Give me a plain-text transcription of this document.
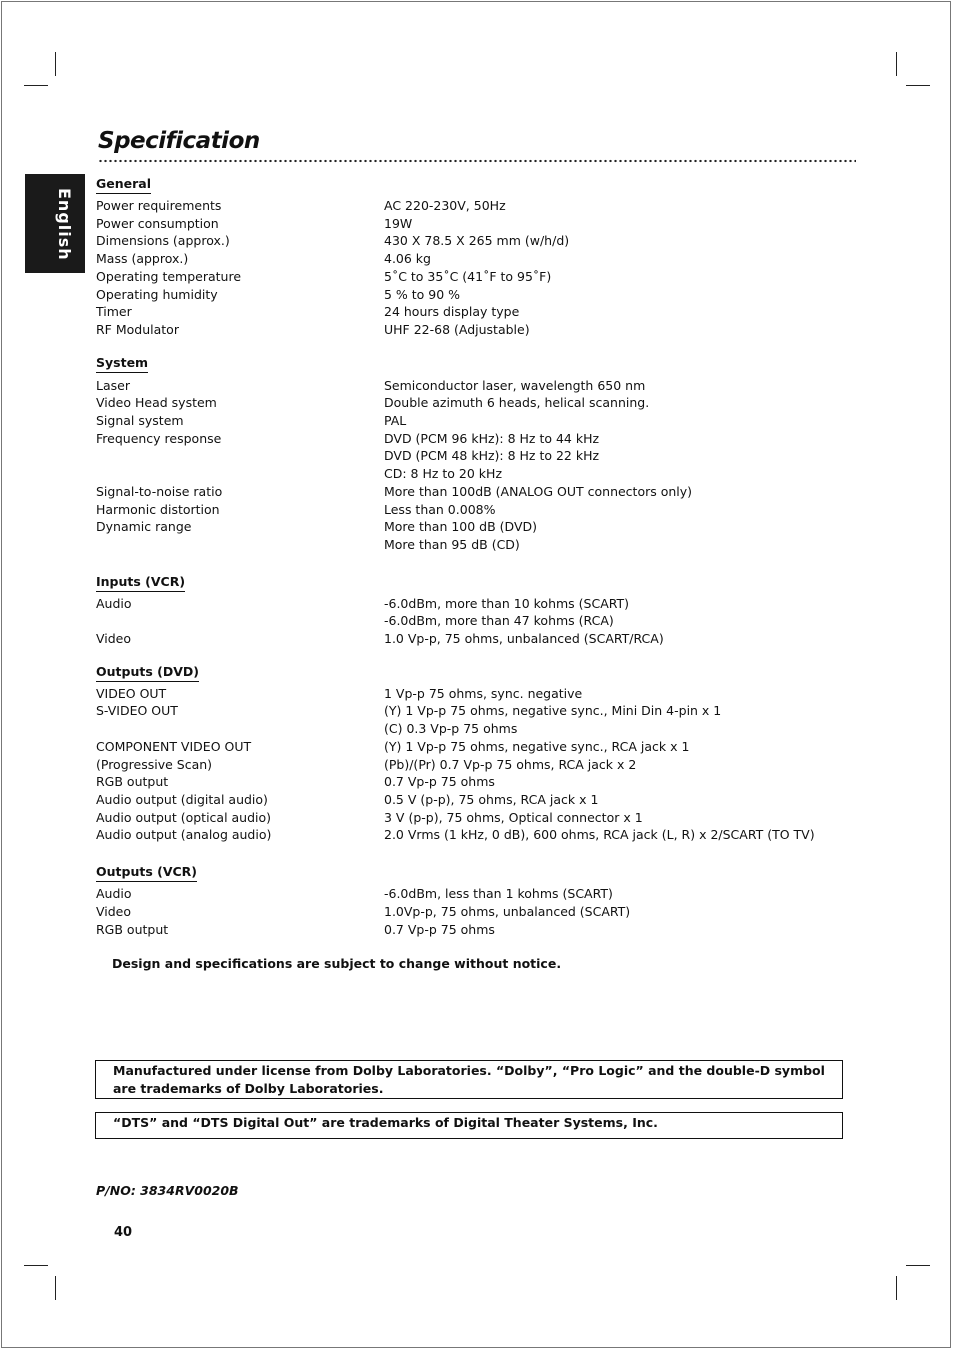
Specification
English
General
Power requirements	AC 220-230V, 50Hz
Power consumption	19W
Dimensions (approx.)	430 X 78.5 X 265 mm (w/h/d)
Mass (approx.)	4.06 kg
Operating temperature	5˚C to 35˚C (41˚F to 95˚F)
Operating humidity	5 % to 90 %
Timer	24 hours display type
RF Modulator	UHF 22-68 (Adjustable)
System
Laser	Semiconductor laser, wavelength 650 nm
Video Head system	Double azimuth 6 heads, helical scanning.
Signal system	PAL
Frequency response	DVD (PCM 96 kHz): 8 Hz to 44 kHz
DVD (PCM 48 kHz): 8 Hz to 22 kHz
CD: 8 Hz to 20 kHz
Signal-to-noise ratio	More than 100dB (ANALOG OUT connectors only)
Harmonic distortion	Less than 0.008%
Dynamic range	More than 100 dB (DVD)
More than 95 dB (CD)
Inputs (VCR)
Audio	-6.0dBm, more than 10 kohms (SCART)
-6.0dBm, more than 47 kohms (RCA)
Video	1.0 Vp-p, 75 ohms, unbalanced (SCART/RCA)
Outputs (DVD)
VIDEO OUT	1 Vp-p 75 ohms, sync. negative
S-VIDEO OUT	(Y) 1 Vp-p 75 ohms, negative sync., Mini Din 4-pin x 1
(C) 0.3 Vp-p 75 ohms
COMPONENT VIDEO OUT	(Y) 1 Vp-p 75 ohms, negative sync., RCA jack x 1
(Progressive Scan)	(Pb)/(Pr) 0.7 Vp-p 75 ohms, RCA jack x 2
RGB output	0.7 Vp-p 75 ohms
Audio output (digital audio)	0.5 V (p-p), 75 ohms, RCA jack x 1
Audio output (optical audio)	3 V (p-p), 75 ohms, Optical connector x 1
Audio output (analog audio)	2.0 Vrms (1 kHz, 0 dB), 600 ohms, RCA jack (L, R) x 2/SCART (TO TV)
Outputs (VCR)
Audio	-6.0dBm, less than 1 kohms (SCART)
Video	1.0Vp-p, 75 ohms, unbalanced (SCART)
RGB output	0.7 Vp-p 75 ohms
Design and specifications are subject to change without notice.
Manufactured under license from Dolby Laboratories. “Dolby”, “Pro Logic” and the double-D symbol are trademarks of Dolby Laboratories.
“DTS” and “DTS Digital Out” are trademarks of Digital Theater Systems, Inc.
P/NO: 3834RV0020B
40
